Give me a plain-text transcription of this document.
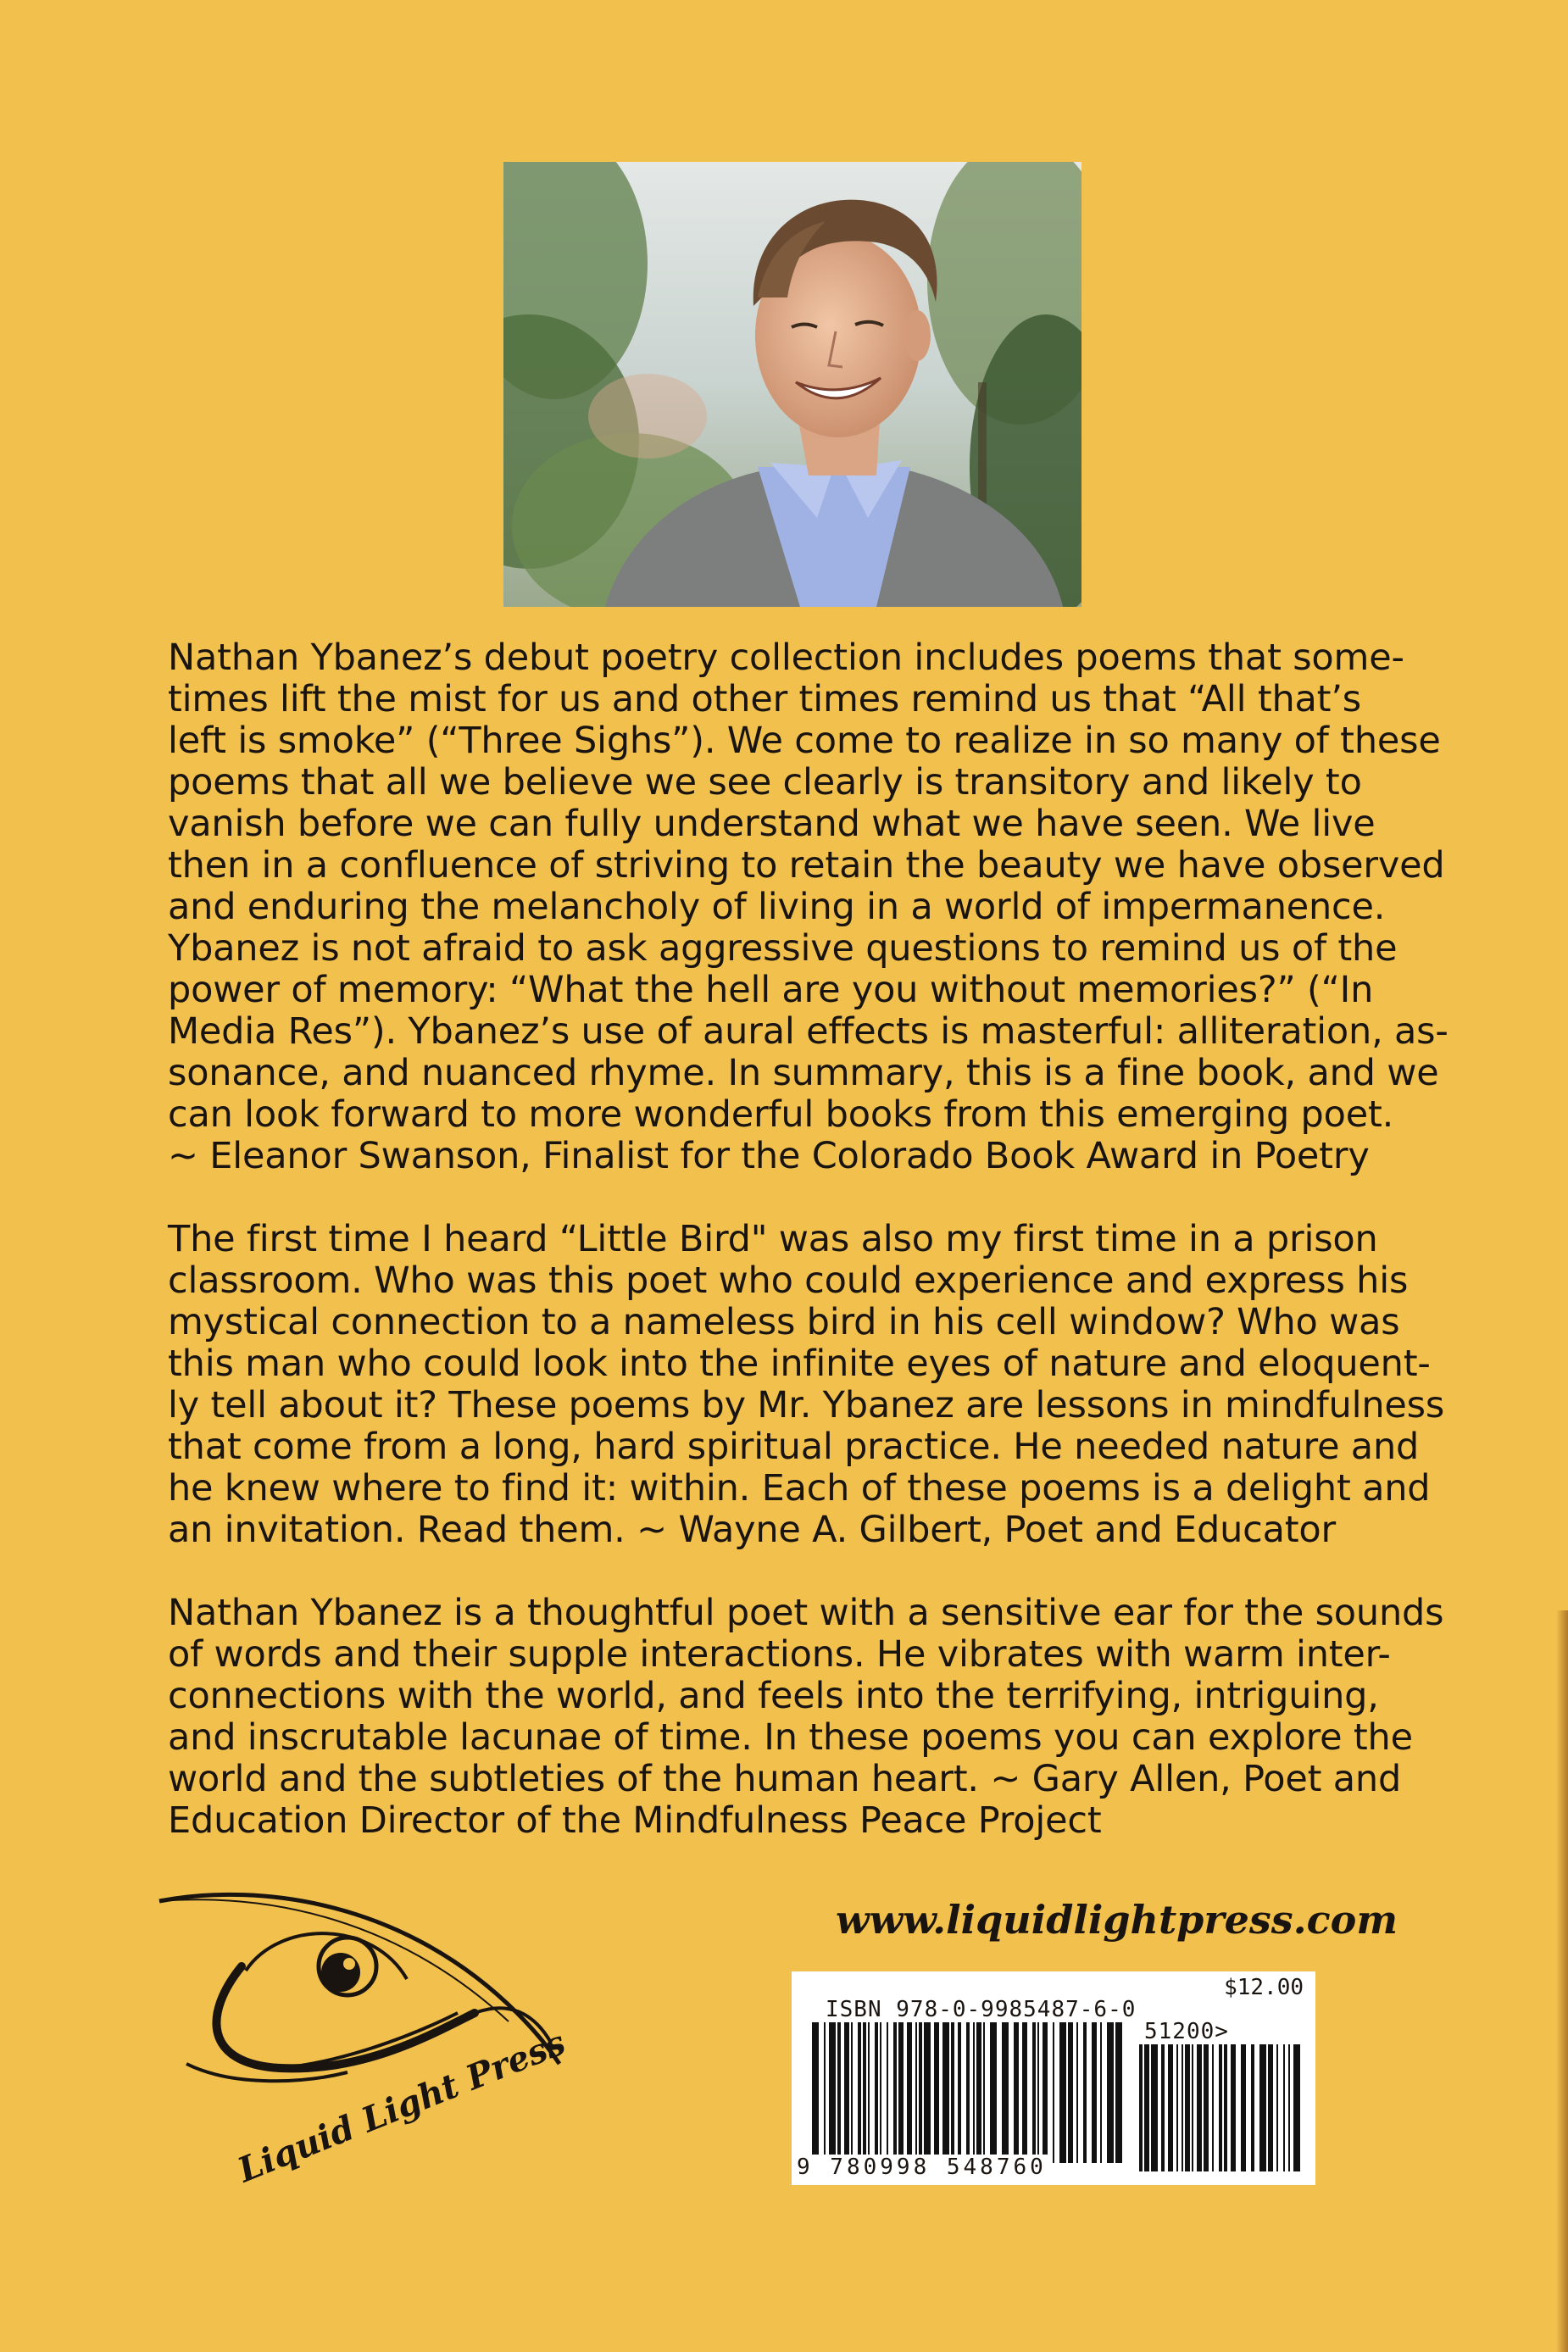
Nathan Ybanez’s debut poetry collection includes poems that some-
times lift the mist for us and other times remind us that “All that’s
left is smoke” (“Three Sighs”). We come to realize in so many of these
poems that all we believe we see clearly is transitory and likely to
vanish before we can fully understand what we have seen. We live
then in a confluence of striving to retain the beauty we have observed
and enduring the melancholy of living in a world of impermanence.
Ybanez is not afraid to ask aggressive questions to remind us of the
power of memory: “What the hell are you without memories?” (“In
Media Res”). Ybanez’s use of aural effects is masterful: alliteration, as-
sonance, and nuanced rhyme. In summary, this is a fine book, and we
can look forward to more wonderful books from this emerging poet.
~ Eleanor Swanson, Finalist for the Colorado Book Award in Poetry

The first time I heard “Little Bird" was also my first time in a prison
classroom. Who was this poet who could experience and express his
mystical connection to a nameless bird in his cell window? Who was
this man who could look into the infinite eyes of nature and eloquent-
ly tell about it? These poems by Mr. Ybanez are lessons in mindfulness
that come from a long, hard spiritual practice. He needed nature and
he knew where to find it: within. Each of these poems is a delight and
an invitation. Read them. ~ Wayne A. Gilbert, Poet and Educator

Nathan Ybanez is a thoughtful poet with a sensitive ear for the sounds
of words and their supple interactions. He vibrates with warm inter-
connections with the world, and feels into the terrifying, intriguing,
and inscrutable lacunae of time. In these poems you can explore the
world and the subtleties of the human heart. ~ Gary Allen, Poet and
Education Director of the Mindfulness Peace Project

Liquid Light Press
www.liquidlightpress.com
$12.00
ISBN 978-0-9985487-6-0
51200>
9 780998 548760
